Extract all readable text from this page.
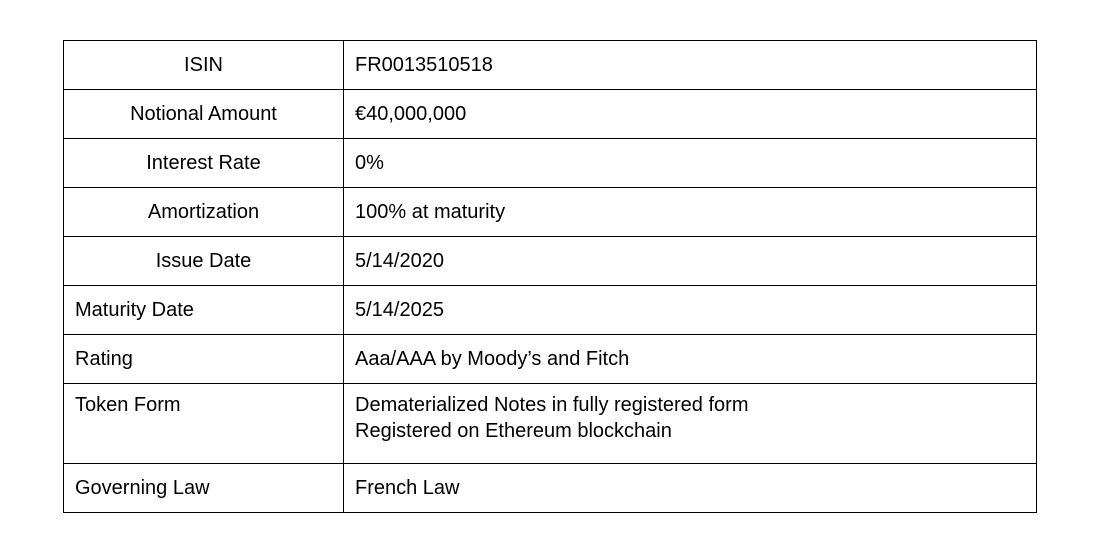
ISIN	FR0013510518
Notional Amount	€40,000,000
Interest Rate	0%
Amortization	100% at maturity
Issue Date	5/14/2020
Maturity Date	5/14/2025
Rating	Aaa/AAA by Moody’s and Fitch
Token Form	Dematerialized Notes in fully registered form
Registered on Ethereum blockchain

Governing Law	French Law
